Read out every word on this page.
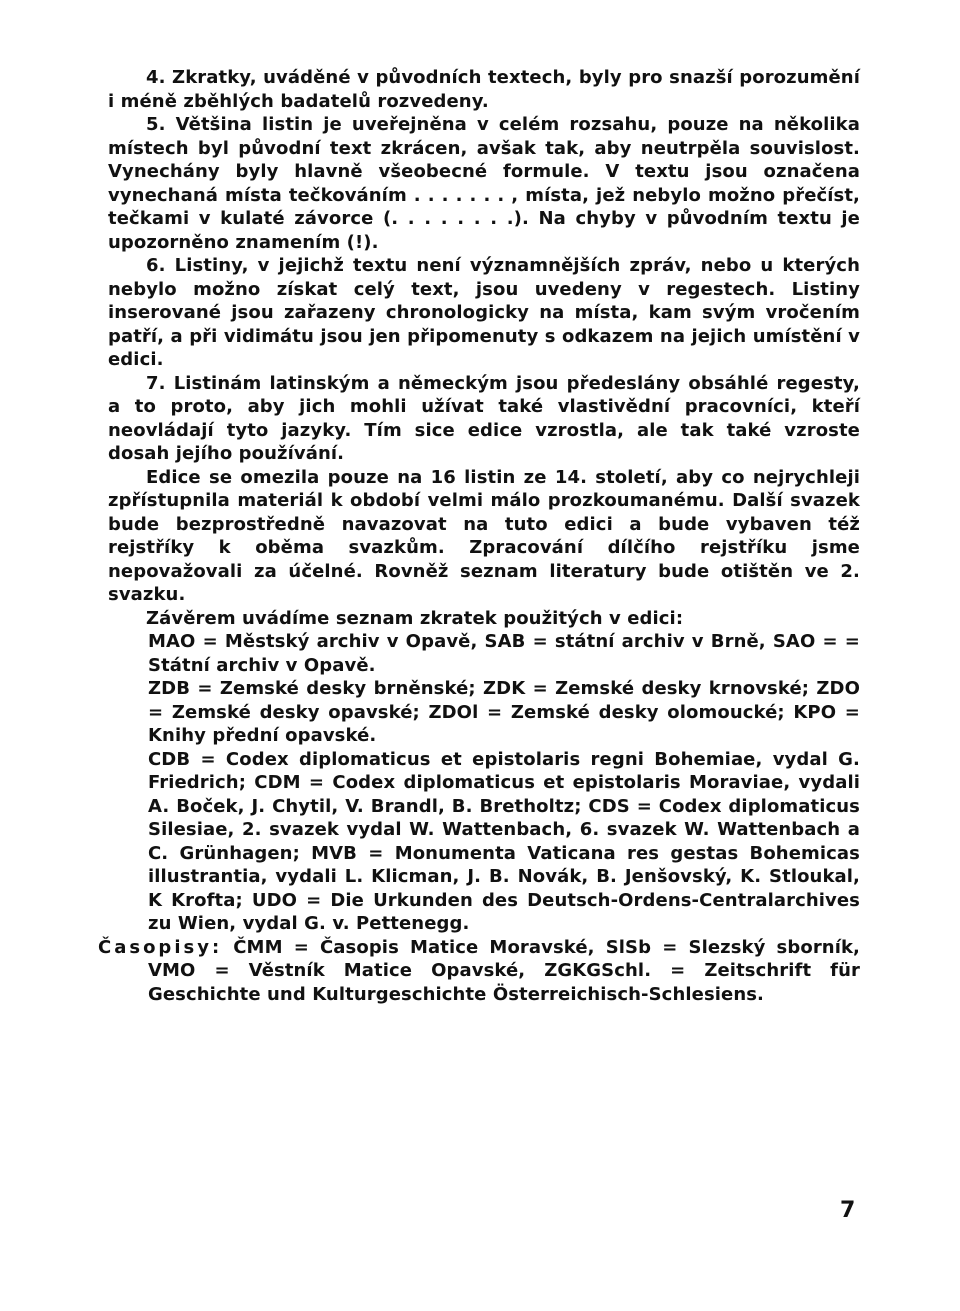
4. Zkratky, uváděné v původních textech, byly pro snazší porozumění i méně zběhlých badatelů rozvedeny.

5. Většina listin je uveřejněna v celém rozsahu, pouze na několika místech byl původní text zkrácen, avšak tak, aby neutrpěla souvislost. Vynechány byly hlavně všeobecné formule. V textu jsou označena vynechaná místa tečkováním . . . . . . . , místa, jež nebylo možno přečíst, tečkami v kulaté závorce (. . . . . . . .). Na chyby v původním textu je upozorněno znamením (!).

6. Listiny, v jejichž textu není významnějších zpráv, nebo u kterých nebylo možno získat celý text, jsou uvedeny v regestech. Listiny inserované jsou zařazeny chronologicky na místa, kam svým vročením patří, a při vidimátu jsou jen připomenuty s odkazem na jejich umístění v edici.

7. Listinám latinským a německým jsou předeslány obsáhlé regesty, a to proto, aby jich mohli užívat také vlastivědní pracovníci, kteří neovládají tyto jazyky. Tím sice edice vzrostla, ale tak také vzroste dosah jejího používání.

Edice se omezila pouze na 16 listin ze 14. století, aby co nejrychleji zpřístupnila materiál k období velmi málo prozkoumanému. Další svazek bude bezprostředně navazovat na tuto edici a bude vybaven též rejstříky k oběma svazkům. Zpracování dílčího rejstříku jsme nepovažovali za účelné. Rovněž seznam literatury bude otištěn ve 2. svazku.

Závěrem uvádíme seznam zkratek použitých v edici:

MAO = Městský archiv v Opavě, SAB = státní archiv v Brně, SAO = = Státní archiv v Opavě.

ZDB = Zemské desky brněnské; ZDK = Zemské desky krnovské; ZDO = Zemské desky opavské; ZDOl = Zemské desky olomoucké; KPO = Knihy přední opavské.

CDB = Codex diplomaticus et epistolaris regni Bohemiae, vydal G. Friedrich; CDM = Codex diplomaticus et epistolaris Moraviae, vydali A. Boček, J. Chytil, V. Brandl, B. Bretholtz; CDS = Codex diplomaticus Silesiae, 2. svazek vydal W. Wattenbach, 6. svazek W. Wattenbach a C. Grünhagen; MVB = Monumenta Vaticana res gestas Bohemicas illustrantia, vydali L. Klicman, J. B. Novák, B. Jenšovský, K. Stloukal, K Krofta; UDO = Die Urkunden des Deutsch-Ordens-Centralarchives zu Wien, vydal G. v. Pettenegg.

Časopisy: ČMM = Časopis Matice Moravské, SlSb = Slezský sborník, VMO = Věstník Matice Opavské, ZGKGSchl. = Zeitschrift für Geschichte und Kulturgeschichte Österreichisch-Schlesiens.

7
